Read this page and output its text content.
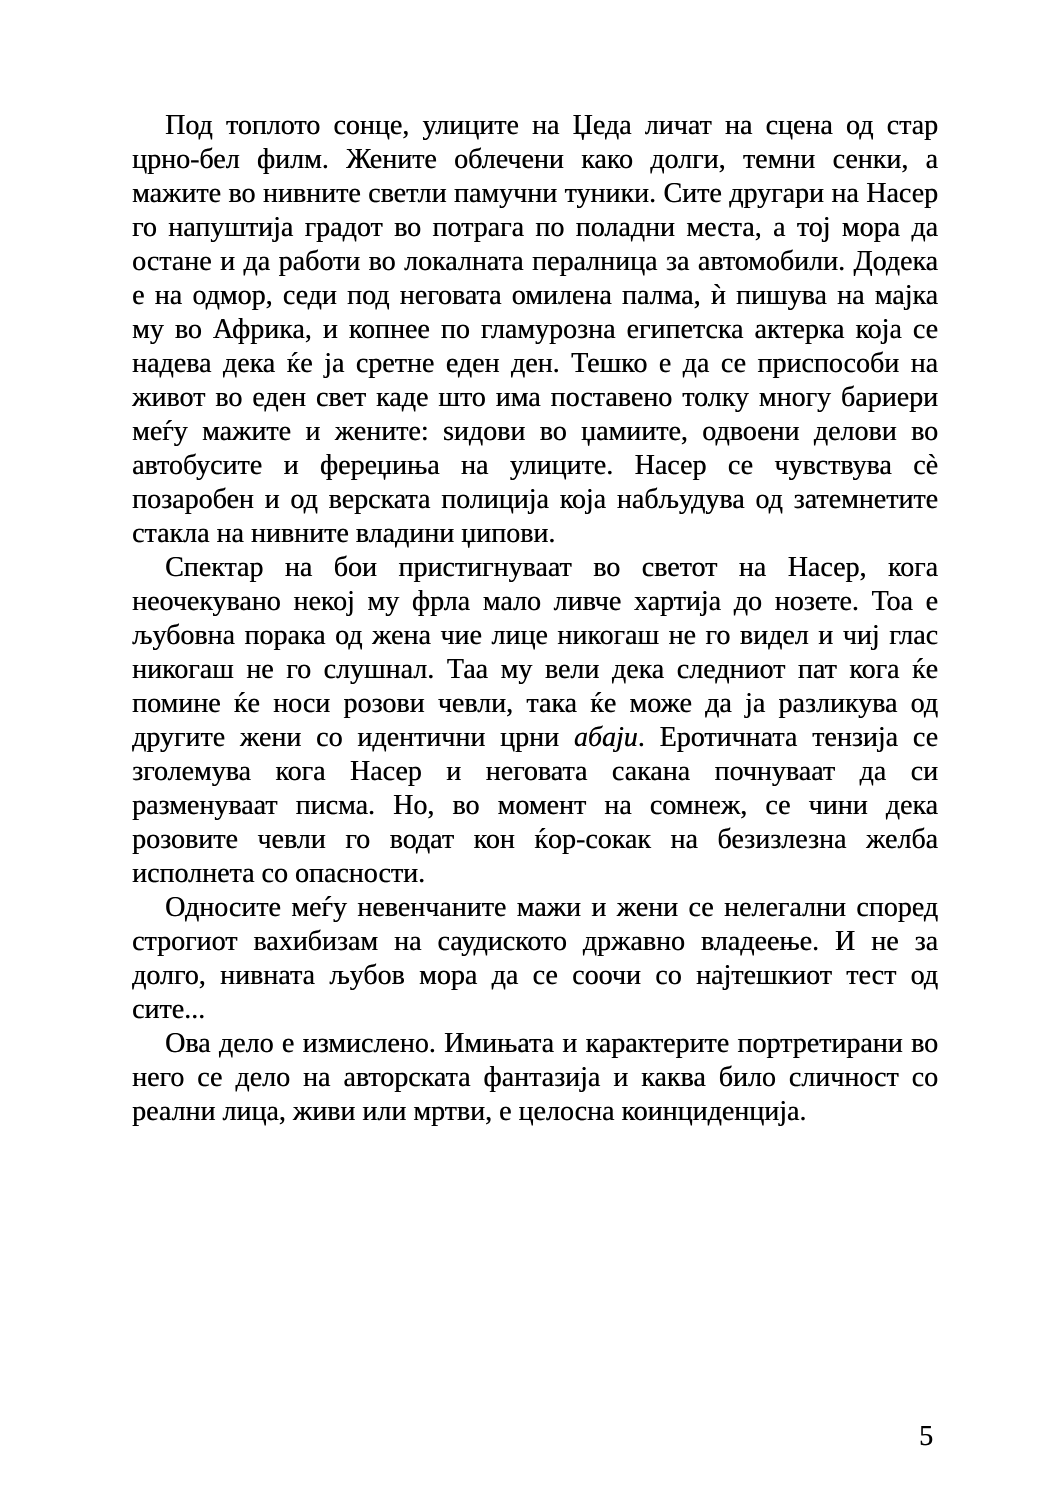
Под топлото сонце, улиците на Џеда личат на сцена од стар црно-бел филм. Жените облечени како долги, темни сенки, а мажите во нивните светли памучни туники. Сите другари на Насер го напуштија градот во потрага по поладни места, а тој мора да остане и да работи во локалната пералница за автомобили. Додека е на одмор, седи под неговата омилена палма, ѝ пишува на мајка му во Африка, и копнее по гламурозна египетска актерка која се надева дека ќе ја сретне еден ден. Тешко е да се приспособи на живот во еден свет каде што има поставено толку многу бариери меѓу мажите и жените: ѕидови во џамиите, одвоени делови во автобусите и фереџиња на улиците. Насер се чувствува сè позаробен и од верската полиција која набљудува од затемнетите стакла на нивните владини џипови.

Спектар на бои пристигнуваат во светот на Насер, кога неочекувано некој му фрла мало ливче хартија до нозете. Тоа е љубовна порака од жена чие лице никогаш не го видел и чиј глас никогаш не го слушнал. Таа му вели дека следниот пат кога ќе помине ќе носи розови чевли, така ќе може да ја разликува од другите жени со идентични црни абаји. Еротичната тензија се зголемува кога Насер и неговата сакана почнуваат да си разменуваат писма. Но, во момент на сомнеж, се чини дека розовите чевли го водат кон ќор-сокак на безизлезна желба исполнета со опасности.

Односите меѓу невенчаните мажи и жени се нелегални според строгиот вахибизам на саудиското државно владеење. И не за долго, нивната љубов мора да се соочи со најтешкиот тест од сите...

Ова дело е измислено. Имињата и карактерите портретирани во него се дело на авторската фантазија и каква било сличност со реални лица, живи или мртви, е целосна коинциденција.

5
